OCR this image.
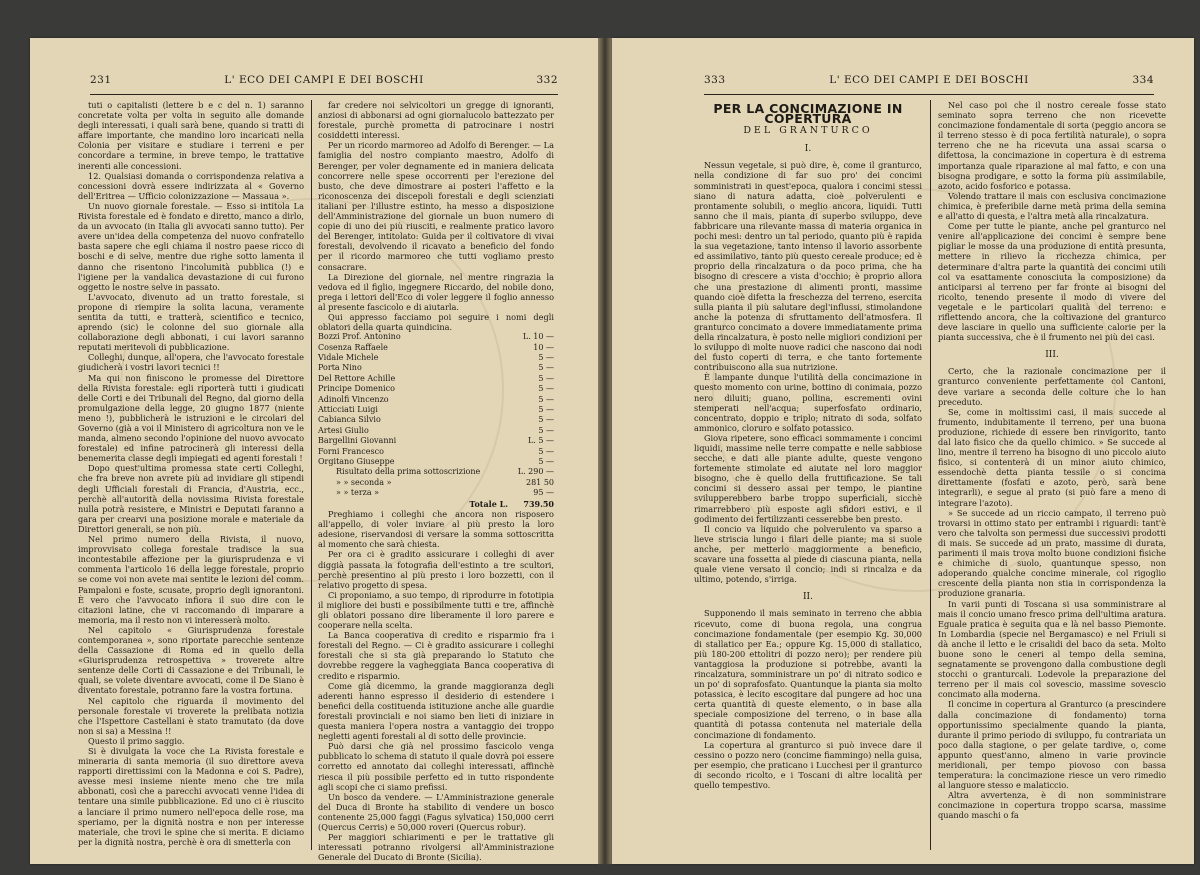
231	L' ECO DEI CAMPI E DEI BOSCHI	332

tuti o capitalisti (lettere b e c del n. 1) saranno concretate volta per volta in seguito alle domande degli interessati, i quali sarà bene, quando si tratti di affare importante, che mandino loro incaricati nella Colonia per visitare e studiare i terreni e per concordare a termine, in breve tempo, le trattative inerenti alle concessioni.

12. Qualsiasi domanda o corrispondenza relativa a concessioni dovrà essere indirizzata al « Governo dell'Eritrea — Ufficio colonizzazione — Massaua ».

Un nuovo giornale forestale. — Esso si intitola La Rivista forestale ed è fondato e diretto, manco a dirlo, da un avvocato (in Italia gli avvocati sanno tutto). Per avere un'idea della competenza del nuovo confratello basta sapere che egli chiama il nostro paese ricco di boschi e di selve, mentre due righe sotto lamenta il danno che risentono l'incolumità pubblica (!) e l'igiene per la vandalica devastazione di cui furono oggetto le nostre selve in passato.

L'avvocato, divenuto ad un tratto forestale, si propone di riempire la solita lacuna, veramente sentita da tutti, e tratterà, scientifico e tecnico, aprendo (sic) le colonne del suo giornale alla collaborazione degli abbonati, i cui lavori saranno reputati meritevoli di pubblicazione.

Colleghi, dunque, all'opera, che l'avvocato forestale giudicherà i vostri lavori tecnici !!

Ma qui non finiscono le promesse del Direttore della Rivista forestale: egli riporterà tutti i giudicati delle Corti e dei Tribunali del Regno, dal giorno della promulgazione della legge, 20 giugno 1877 (niente meno !), pubblicherà le istruzioni e le circolari del Governo (già a voi il Ministero di agricoltura non ve le manda, almeno secondo l'opinione del nuovo avvocato forestale) ed infine patrocinerà gli interessi della benemerita classe degli impiegati ed agenti forestali !

Dopo quest'ultima promessa state certi Colleghi, che fra breve non avrete più ad invidiare gli stipendi degli Ufficiali forestali di Francia, d'Austria, ecc., perchè all'autorità della novissima Rivista forestale nulla potrà resistere, e Ministri e Deputati faranno a gara per crearvi una posizione morale e materiale da Direttori generali, se non più.

Nel primo numero della Rivista, il nuovo, improvvisato collega forestale tradisce la sua incontestabile affezione per la giurisprudenza e vi commenta l'articolo 16 della legge forestale, proprio se come voi non avete mai sentite le lezioni del comm. Pampaloni e foste, scusate, proprio degli ignorantoni. È vero che l'avvocato infiora il suo dire con le citazioni latine, che vi raccomando di imparare a memoria, ma il resto non vi interesserà molto.

Nel capitolo « Giurisprudenza forestale contemporanea », sono riportate parecchie sentenze della Cassazione di Roma ed in quello della «Giurisprudenza retrospettiva » troverete altre sentenze delle Corti di Cassazione e dei Tribunali, le quali, se volete diventare avvocati, come il De Siano è diventato forestale, potranno fare la vostra fortuna.

Nel capitolo che riguarda il movimento del personale forestale vi troverete la prelibata notizia che l'Ispettore Castellani è stato tramutato (da dove non si sa) a Messina !!

Questo il primo saggio.

Si è divulgata la voce che La Rivista forestale e mineraria di santa memoria (il suo direttore aveva rapporti direttissimi con la Madonna e coi S. Padre), avesse mesi insieme niente meno che tre mila abbonati, così che a parecchi avvocati venne l'idea di tentare una simile pubblicazione. Ed uno ci è riuscito a lanciare il primo numero nell'epoca delle rose, ma speriamo, per la dignità nostra e non per interesse materiale, che trovi le spine che si merita. E diciamo per la dignità nostra, perchè è ora di smetterla con

far credere noi selvicoltori un gregge di ignoranti, anziosi di abbonarsi ad ogni giornalucolo battezzato per forestale, purchè prometta di patrocinare i nostri cosiddetti interessi.

Per un ricordo marmoreo ad Adolfo di Berenger. — La famiglia del nostro compianto maestro, Adolfo di Berenger, per voler degnamente ed in maniera delicata concorrere nelle spese occorrenti per l'erezione del busto, che deve dimostrare ai posteri l'affetto e la riconoscenza dei discepoli forestali e degli scienziati italiani per l'illustre estinto, ha messo a disposizione dell'Amministrazione del giornale un buon numero di copie di uno dei più riusciti, e realmente pratico lavoro del Berenger, intitolato: Guida per il coltivatore di vivai forestali, devolvendo il ricavato a beneficio del fondo per il ricordo marmoreo che tutti vogliamo presto consacrare.

La Direzione del giornale, nel mentre ringrazia la vedova ed il figlio, ingegnere Riccardo, del nobile dono, prega i lettori dell'Eco di voler leggere il foglio annesso al presente fascicolo e di aiutarla.

Qui appresso facciamo poi seguire i nomi degli oblatori della quarta quindicina.

Bozzi Prof. Antonino	L. 10 —
Cosenza Raffaele	10 —
Vidale Michele	5 —
Porta Nino	5 —
Del Rettore Achille	5 —
Principe Domenico	5 —
Adinolfi Vincenzo	5 —
Atticciati Luigi	5 —
Cabianca Silvio	5 —
Artesi Giulio	5 —
Bargellini Giovanni	L. 5 —
Forni Francesco	5 —
Orgitano Giuseppe	5 —
Risultato della prima sottoscrizione	L. 290 —
» » seconda »	281 50
» » terza »	95 —
Totale L.	739.50

Preghiamo i colleghi che ancora non risposero all'appello, di voler inviare al più presto la loro adesione, riservandosi di versare la somma sottoscritta al momento che sarà chiesta.

Per ora ci è gradito assicurare i colleghi di aver diggià passata la fotografia dell'estinto a tre scultori, perchè presentino al più presto i loro bozzetti, con il relativo progetto di spesa.

Ci proponiamo, a suo tempo, di riprodurre in fototipia il migliore dei busti e possibilmente tutti e tre, affinchè gli oblatori possano dire liberamente il loro parere e cooperare nella scelta.

La Banca cooperativa di credito e risparmio fra i forestali del Regno. — Ci è gradito assicurare i colleghi forestali che si sta già preparando lo Statuto che dovrebbe reggere la vagheggiata Banca cooperativa di credito e risparmio.

Come già dicemmo, la grande maggioranza degli aderenti hanno espresso il desiderio di estendere i benefici della costituenda istituzione anche alle guardie forestali provinciali e noi siamo ben lieti di iniziare in questa maniera l'opera nostra a vantaggio dei troppo negletti agenti forestali al di sotto delle provincie.

Può darsi che già nel prossimo fascicolo venga pubblicato lo schema di statuto il quale dovrà poi essere corretto ed annotato dai colleghi interessati, affinchè riesca il più possibile perfetto ed in tutto rispondente agli scopi che ci siamo prefissi.

Un bosco da vendere. — L'Amministrazione generale del Duca di Bronte ha stabilito di vendere un bosco contenente 25,000 faggi (Fagus sylvatica) 150,000 cerri (Quercus Cerris) e 50,000 roveri (Quercus robur).

Per maggiori schiarimenti e per le trattative gli interessati potranno rivolgersi all'Amministrazione Generale del Ducato di Bronte (Sicilia).

333	L' ECO DEI CAMPI E DEI BOSCHI	334
PER LA CONCIMAZIONE IN COPERTURA
DEL GRANTURCO
I.

Nessun vegetale, si può dire, è, come il granturco, nella condizione di far suo pro' dei concimi somministrati in quest'epoca, qualora i concimi stessi siano di natura adatta, cioè polverulenti e prontamente solubili, o meglio ancora, liquidi. Tutti sanno che il mais, pianta di superbo sviluppo, deve fabbricare una rilevante massa di materia organica in pochi mesi: dentro un tal periodo, quanto più è rapida la sua vegetazione, tanto intenso il lavorio assorbente ed assimilativo, tanto più questo cereale produce; ed è proprio della rincalzatura o da poco prima, che ha bisogno di crescere a vista d'occhio; è proprio allora che una prestazione di alimenti pronti, massime quando cioè difetta la freschezza del terreno, esercita sulla pianta il più salutare degl'influssi, stimolandone anche la potenza di sfruttamento dell'atmosfera. Il granturco concimato a dovere immediatamente prima della rincalzatura, è posto nelle migliori condizioni per lo sviluppo di molte nuove radici che nascono dai nodi del fusto coperti di terra, e che tanto fortemente contribuiscono alla sua nutrizione.

È lampante dunque l'utilità della concimazione in questo momento con urine, bottino di conimaia, pozzo nero diluiti; guano, pollina, escrementi ovini stemperati nell'acqua; superfosfato ordinario, concentrato, doppio e triplo; nitrato di soda, solfato ammonico, cloruro e solfato potassico.

Giova ripetere, sono efficaci sommamente i concimi liquidi, massime nelle terre compatte e nelle sabbiose secche, e dati alle piante adulte, queste vengono fortemente stimolate ed aiutate nel loro maggior bisogno, che è quello della fruttificazione. Se tali concimi si dessero assai per tempo, le piantine svilupperebbero barbe troppo superficiali, sicchè rimarrebbero più esposte agli sfidori estivi, e il godimento dei fertilizzanti cesserebbe ben presto.

Il concio va liquido che polverulento va sparso a lieve striscia lungo i filari delle piante; ma si suole anche, per metterlo maggiormente a beneficio, scavare una fossetta al piede di ciascuna pianta, nella quale viene versato il concio; indi si rincalza e da ultimo, potendo, s'irriga.

II.

Supponendo il mais seminato in terreno che abbia ricevuto, come di buona regola, una congrua concimazione fondamentale (per esempio Kg. 30,000 di stallatico per Ea.; oppure Kg. 15,000 di stallatico, più 180-200 ettolitri di pozzo nero); per rendere più vantaggiosa la produzione si potrebbe, avanti la rincalzatura, somministrare un po' di nitrato sodico e un po' di soprafosfato. Quantunque la pianta sia molto potassica, è lecito escogitare dal pungere ad hoc una certa quantità di queste elemento, o in base alla speciale composizione del terreno, o in base alla quantità di potassa contenuta nel materiale della concimazione di fondamento.

La copertura al granturco si può invece dare il cessino o pozzo nero (concime fiammingo) nella guisa, per esempio, che praticano i Lucchesi per il granturco di secondo ricolto, e i Toscani di altre località per quello tempestivo.

Nel caso poi che il nostro cereale fosse stato seminato sopra terreno che non ricevette concimazione fondamentale di sorta (peggio ancora se il terreno stesso è di poca fertilità naturale), o sopra terreno che ne ha ricevuta una assai scarsa o difettosa, la concimazione in copertura è di estrema importanza quale riparazione al mal fatto, e con una bisogna prodigare, e sotto la forma più assimilabile, azoto, acido fosforico e potassa.

Volendo trattare il mais con esclusiva concimazione chimica, è preferibile darne metà prima della semina e all'atto di questa, e l'altra metà alla rincalzatura.

Come per tutte le piante, anche pel granturco nel venire all'applicazione dei concimi è sempre bene pigliar le mosse da una produzione di entità presunta, mettere in rilievo la ricchezza chimica, per determinare d'altra parte la quantità dei concimi utili col va esattamente conosciuta la composizione) da anticiparsi al terreno per far fronte ai bisogni del ricolto, tenendo presente il modo di vivere del vegetale e le particolari qualità del terreno: e riflettendo ancora, che la coltivazione del granturco deve lasciare in quello una sufficiente calorie per la pianta successiva, che è il frumento nei più dei casi.

III.

Certo, che la razionale concimazione per il granturco conveniente perfettamente col Cantoni, deve variare a seconda delle colture che lo han preceduto.

Se, come in moltissimi casi, il mais succede al frumento, indubitamente il terreno, per una buona produzione, richiede di essere ben rinvigorito, tanto dal lato fisico che da quello chimico. » Se succede al lino, mentre il terreno ha bisogno di uno piccolo aiuto fisico, si contenterà di un minor aiuto chimico, essendochè detta pianta tessile o si concima direttamente (fosfati e azoto, però, sarà bene integrarli), e segue al prato (si può fare a meno di integrare l'azoto).

» Se succede ad un riccio campato, il terreno può trovarsi in ottimo stato per entrambi i riguardi: tant'è vero che talvolta son permessi due successivi prodotti di mais. Se succede ad un prato, massime di durata, parimenti il mais trova molto buone condizioni fisiche e chimiche di suolo, quantunque spesso, non adoperando qualche concime minerale, col rigoglio crescente della pianta non stia in corrispondenza la produzione granaria.

In varii punti di Toscana si usa somministrare al mais il concio umano fresco prima dell'ultima aratura. Eguale pratica è seguita qua e là nel basso Piemonte. In Lombardia (specie nel Bergamasco) e nel Friuli si dà anche il letto e le crisalidi del baco da seta. Molto buone sono le ceneri al tempo della semina, segnatamente se provengono dalla combustione degli stocchi o granturcali. Lodevole la preparazione del terreno per il mais col sovescio, massime sovescio concimato alla moderna.

Il concime in copertura al Granturco (a prescindere dalla concimazione di fondamento) torna opportunissimo specialmente quando la pianta, durante il primo periodo di sviluppo, fu contrariata un poco dalla stagione, o per gelate tardive, o, come appunto quest'anno, almeno in varie provincie meridionali, per tempo piovoso con bassa temperatura: la concimazione riesce un vero rimedio al languore stesso e malaticcio.

Altra avvertenza, è di non somministrare concimazione in copertura troppo scarsa, massime quando maschi o fa
